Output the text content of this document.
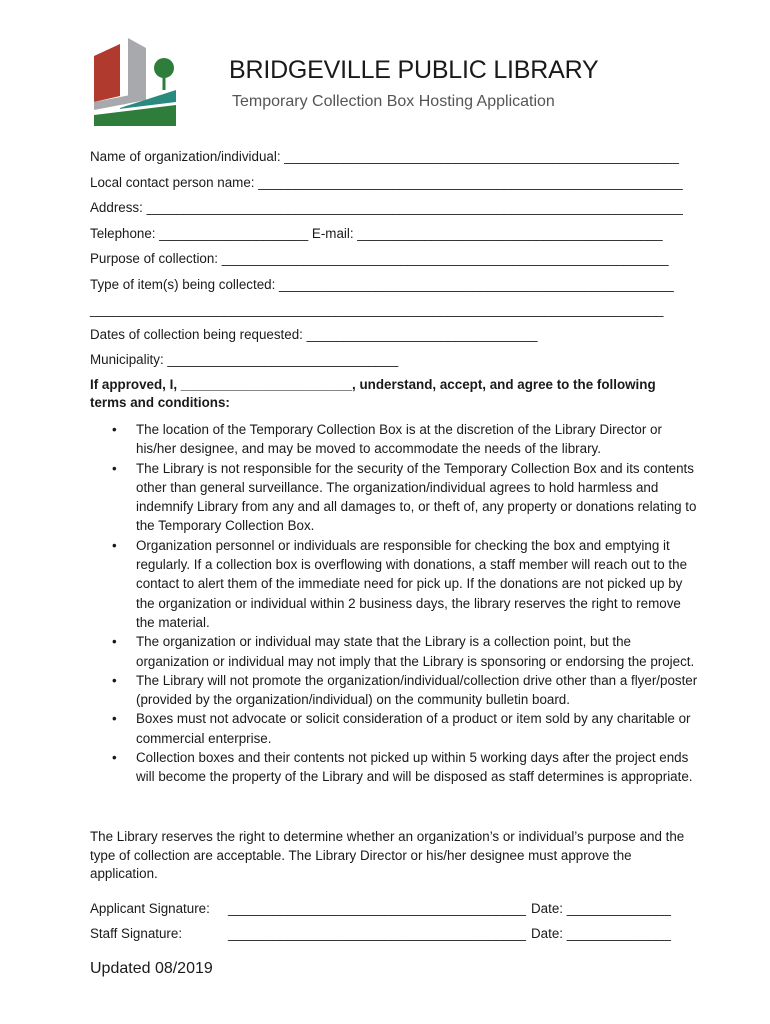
BRIDGEVILLE PUBLIC LIBRARY
Temporary Collection Box Hosting Application
Name of organization/individual: _____________________________________________________
Local contact person name: _________________________________________________________
Address: ________________________________________________________________________
Telephone: ____________________ E-mail: _________________________________________
Purpose of collection: ____________________________________________________________
Type of item(s) being collected: _____________________________________________________
_____________________________________________________________________________
Dates of collection being requested: _______________________________
Municipality: _______________________________
If approved, I, _______________________, understand, accept, and agree to the following
terms and conditions:
• The location of the Temporary Collection Box is at the discretion of the Library Director or his/her designee, and may be moved to accommodate the needs of the library.
• The Library is not responsible for the security of the Temporary Collection Box and its contents other than general surveillance. The organization/individual agrees to hold harmless and indemnify Library from any and all damages to, or theft of, any property or donations relating to the Temporary Collection Box.
• Organization personnel or individuals are responsible for checking the box and emptying it regularly. If a collection box is overflowing with donations, a staff member will reach out to the contact to alert them of the immediate need for pick up. If the donations are not picked up by the organization or individual within 2 business days, the library reserves the right to remove the material.
• The organization or individual may state that the Library is a collection point, but the organization or individual may not imply that the Library is sponsoring or endorsing the project.
• The Library will not promote the organization/individual/collection drive other than a flyer/poster (provided by the organization/individual) on the community bulletin board.
• Boxes must not advocate or solicit consideration of a product or item sold by any charitable or commercial enterprise.
• Collection boxes and their contents not picked up within 5 working days after the project ends will become the property of the Library and will be disposed as staff determines is appropriate.
The Library reserves the right to determine whether an organization’s or individual’s purpose and the type of collection are acceptable. The Library Director or his/her designee must approve the application.
Applicant Signature: ________________________________________ Date: ______________
Staff Signature:	________________________________________ Date: ______________
Updated 08/2019
